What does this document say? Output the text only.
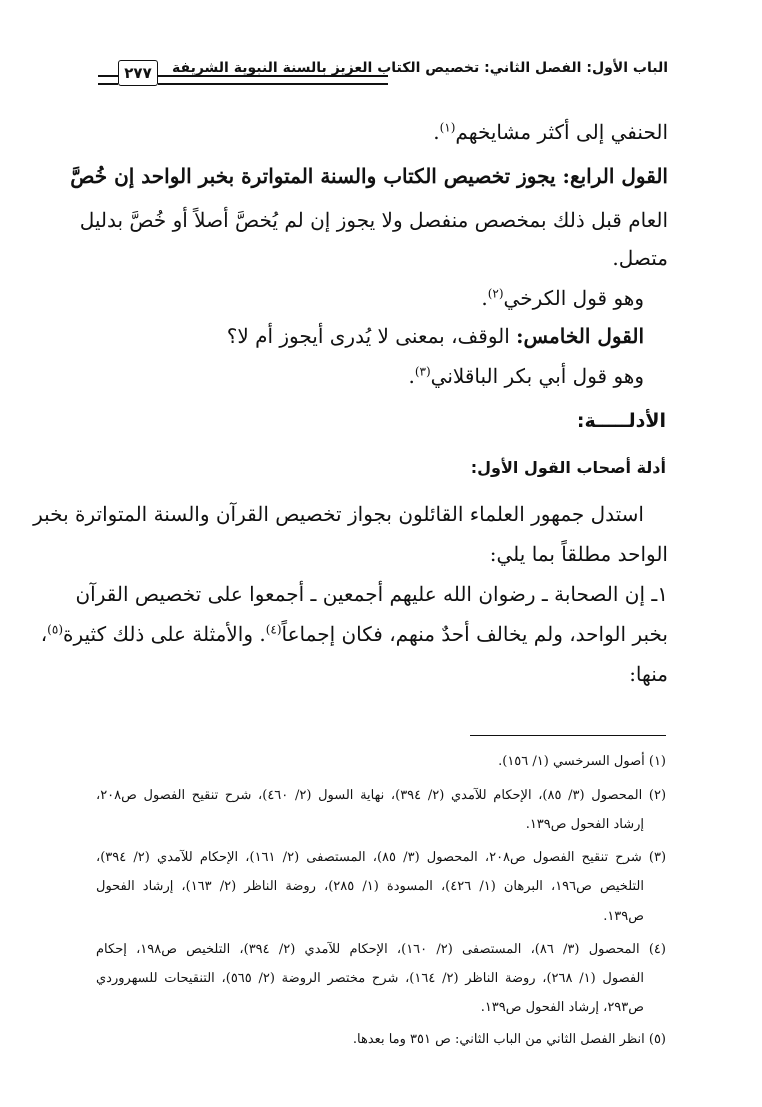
الباب الأول: الفصل الثاني: تخصيص الكتاب العزيز بالسنة النبوية الشريفة
٢٧٧
الحنفي إلى أكثر مشايخهم$^{(١)}$.
القول الرابع: يجوز تخصيص الكتاب والسنة المتواترة بخبر الواحد إن خُصَّ
العام قبل ذلك بمخصص منفصل ولا يجوز إن لم يُخصَّ أصلاً أو خُصَّ بدليل
متصل.
وهو قول الكرخي$^{(٢)}$.
القول الخامس: الوقف، بمعنى لا يُدرى أيجوز أم لا؟
وهو قول أبي بكر الباقلاني$^{(٣)}$.
الأدلـــــة:
أدلة أصحاب القول الأول:
استدل جمهور العلماء القائلون بجواز تخصيص القرآن والسنة المتواترة بخبر
الواحد مطلقاً بما يلي:
١ـ إن الصحابة ـ رضوان الله عليهم أجمعين ـ أجمعوا على تخصيص القرآن
بخبر الواحد، ولم يخالف أحدٌ منهم، فكان إجماعاً$^{(٤)}$. والأمثلة على ذلك كثيرة$^{(٥)}$،
منها:
(١) أصول السرخسي (١/ ١٥٦).
(٢) المحصول (٣/ ٨٥)، الإحكام للآمدي (٢/ ٣٩٤)، نهاية السول (٢/ ٤٦٠)، شرح تنقيح الفصول ص٢٠٨،
إرشاد الفحول ص١٣٩.
(٣) شرح تنقيح الفصول ص٢٠٨، المحصول (٣/ ٨٥)، المستصفى (٢/ ١٦١)، الإحكام للآمدي (٢/ ٣٩٤)،
التلخيص ص١٩٦، البرهان (١/ ٤٢٦)، المسودة (١/ ٢٨٥)، روضة الناظر (٢/ ١٦٣)، إرشاد الفحول
ص١٣٩.
(٤) المحصول (٣/ ٨٦)، المستصفى (٢/ ١٦٠)، الإحكام للآمدي (٢/ ٣٩٤)، التلخيص ص١٩٨، إحكام
الفصول (١/ ٢٦٨)، روضة الناظر (٢/ ١٦٤)، شرح مختصر الروضة (٢/ ٥٦٥)، التنقيحات للسهروردي
ص٢٩٣، إرشاد الفحول ص١٣٩.
(٥) انظر الفصل الثاني من الباب الثاني: ص ٣٥١ وما بعدها.
